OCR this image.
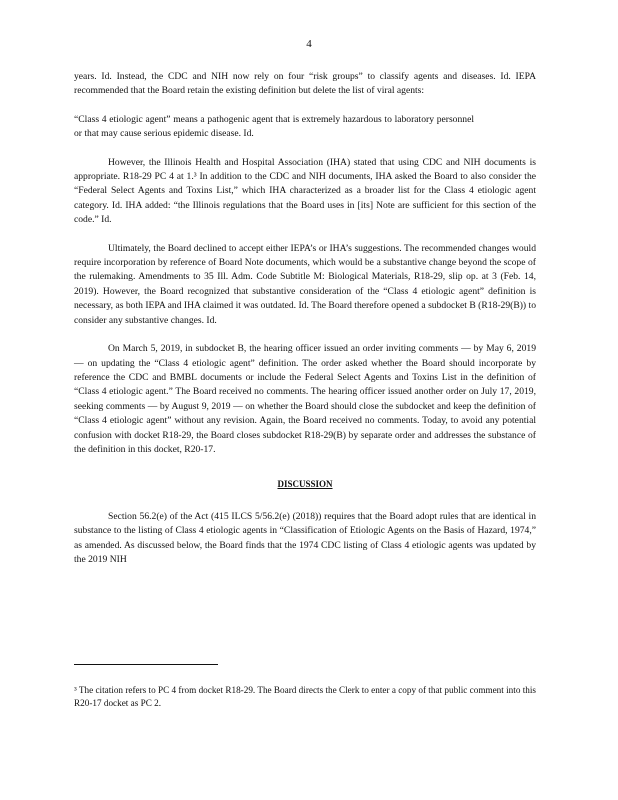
4

years. Id. Instead, the CDC and NIH now rely on four “risk groups” to classify agents and diseases. Id. IEPA recommended that the Board retain the existing definition but delete the list of viral agents:

“Class 4 etiologic agent” means a pathogenic agent that is extremely hazardous to laboratory personnel or that may cause serious epidemic disease. Id.

However, the Illinois Health and Hospital Association (IHA) stated that using CDC and NIH documents is appropriate. R18-29 PC 4 at 1.³ In addition to the CDC and NIH documents, IHA asked the Board to also consider the “Federal Select Agents and Toxins List,” which IHA characterized as a broader list for the Class 4 etiologic agent category. Id. IHA added: “the Illinois regulations that the Board uses in [its] Note are sufficient for this section of the code.” Id.

Ultimately, the Board declined to accept either IEPA’s or IHA’s suggestions. The recommended changes would require incorporation by reference of Board Note documents, which would be a substantive change beyond the scope of the rulemaking. Amendments to 35 Ill. Adm. Code Subtitle M: Biological Materials, R18-29, slip op. at 3 (Feb. 14, 2019). However, the Board recognized that substantive consideration of the “Class 4 etiologic agent” definition is necessary, as both IEPA and IHA claimed it was outdated. Id. The Board therefore opened a subdocket B (R18-29(B)) to consider any substantive changes. Id.

On March 5, 2019, in subdocket B, the hearing officer issued an order inviting comments — by May 6, 2019 — on updating the “Class 4 etiologic agent” definition. The order asked whether the Board should incorporate by reference the CDC and BMBL documents or include the Federal Select Agents and Toxins List in the definition of “Class 4 etiologic agent.” The Board received no comments. The hearing officer issued another order on July 17, 2019, seeking comments — by August 9, 2019 — on whether the Board should close the subdocket and keep the definition of “Class 4 etiologic agent” without any revision. Again, the Board received no comments. Today, to avoid any potential confusion with docket R18-29, the Board closes subdocket R18-29(B) by separate order and addresses the substance of the definition in this docket, R20-17.

DISCUSSION

Section 56.2(e) of the Act (415 ILCS 5/56.2(e) (2018)) requires that the Board adopt rules that are identical in substance to the listing of Class 4 etiologic agents in “Classification of Etiologic Agents on the Basis of Hazard, 1974,” as amended. As discussed below, the Board finds that the 1974 CDC listing of Class 4 etiologic agents was updated by the 2019 NIH

³ The citation refers to PC 4 from docket R18-29. The Board directs the Clerk to enter a copy of that public comment into this R20-17 docket as PC 2.
